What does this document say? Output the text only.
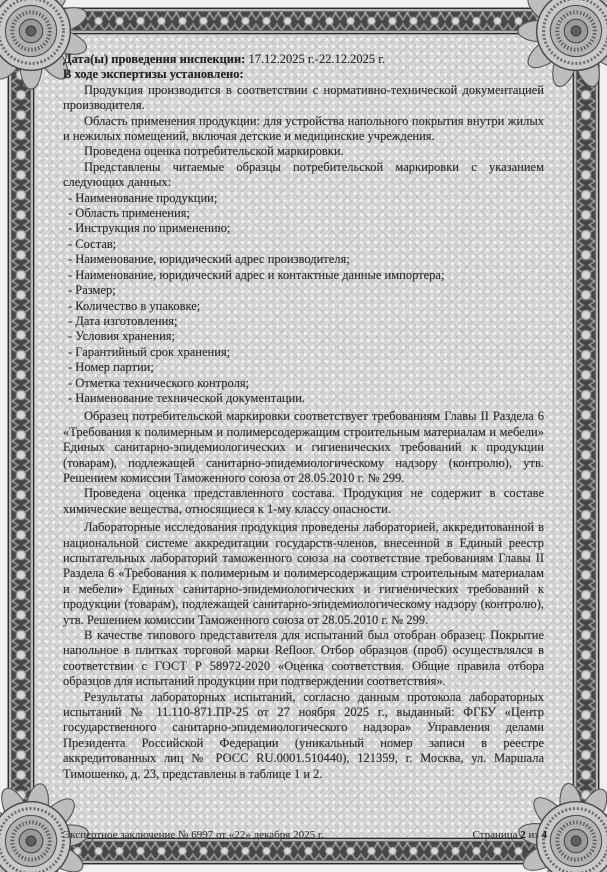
Дата(ы) проведения инспекции: 17.12.2025 г.-22.12.2025 г.

В ходе экспертизы установлено:

Продукция производится в соответствии с нормативно-технической документацией производителя.

Область применения продукции: для устройства напольного покрытия внутри жилых и нежилых помещений, включая детские и медицинские учреждения.

Проведена оценка потребительской маркировки.

Представлены читаемые образцы потребительской маркировки с указанием следующих данных:

- Наименование продукции;
- Область применения;
- Инструкция по применению;
- Состав;
- Наименование, юридический адрес производителя;
- Наименование, юридический адрес и контактные данные импортера;
- Размер;
- Количество в упаковке;
- Дата изготовления;
- Условия хранения;
- Гарантийный срок хранения;
- Номер партии;
- Отметка технического контроля;
- Наименование технической документации.

Образец потребительской маркировки соответствует требованиям Главы II Раздела 6 «Требования к полимерным и полимерсодержащим строительным материалам и мебели» Единых санитарно-эпидемиологических и гигиенических требований к продукции (товарам), подлежащей санитарно-эпидемиологическому надзору (контролю), утв. Решением комиссии Таможенного союза от 28.05.2010 г. № 299.

Проведена оценка представленного состава. Продукция не содержит в составе химические вещества, относящиеся к 1-му классу опасности.

Лабораторные исследования продукция проведены лабораторией, аккредитованной в национальной системе аккредитации государств-членов, внесенной в Единый реестр испытательных лабораторий таможенного союза на соответствие требованиям Главы II Раздела 6 «Требования к полимерным и полимерсодержащим строительным материалам и мебели» Единых санитарно-эпидемиологических и гигиенических требований к продукции (товарам), подлежащей санитарно-эпидемиологическому надзору (контролю), утв. Решением комиссии Таможенного союза от 28.05.2010 г. № 299.

В качестве типового представителя для испытаний был отобран образец: Покрытие напольное в плитках торговой марки Refloor. Отбор образцов (проб) осуществлялся в соответствии с ГОСТ Р 58972-2020 «Оценка соответствия. Общие правила отбора образцов для испытаний продукции при подтверждении соответствия».

Результаты лабораторных испытаний, согласно данным протокола лабораторных испытаний № 11.110-871.ПР-25 от 27 ноября 2025 г., выданный: ФГБУ «Центр государственного санитарно-эпидемиологического надзора» Управления делами Президента Российской Федерации (уникальный номер записи в реестре аккредитованных лиц № РОСС RU.0001.510440), 121359, г. Москва, ул. Маршала Тимошенко, д. 23, представлены в таблице 1 и 2.

Экспертное заключение № 6997 от «22» декабря 2025 г.	Страница 2 из 4
